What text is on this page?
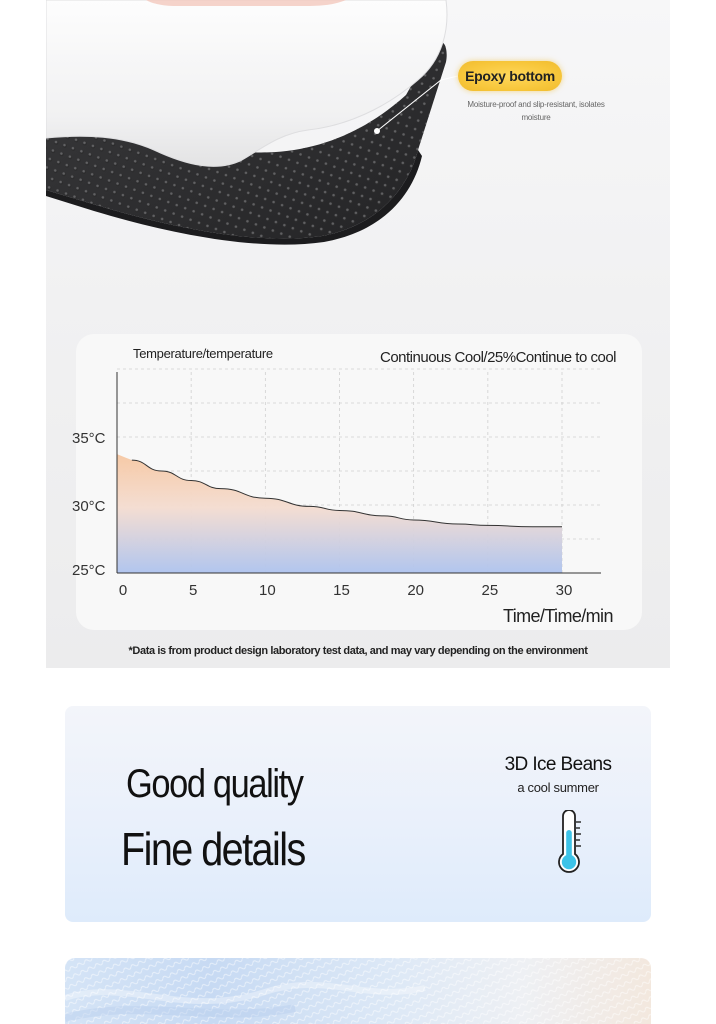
Epoxy bottom
Moisture-proof and slip-resistant, isolates moisture
0	5	10	15	20	25	30
25°C
30°C
35°C
Temperature/temperature	Continuous Cool/25%Continue to cool
Time/Time/min
*Data is from product design laboratory test data, and may vary depending on the environment
Good quality
Fine details
3D Ice Beans
a cool summer
